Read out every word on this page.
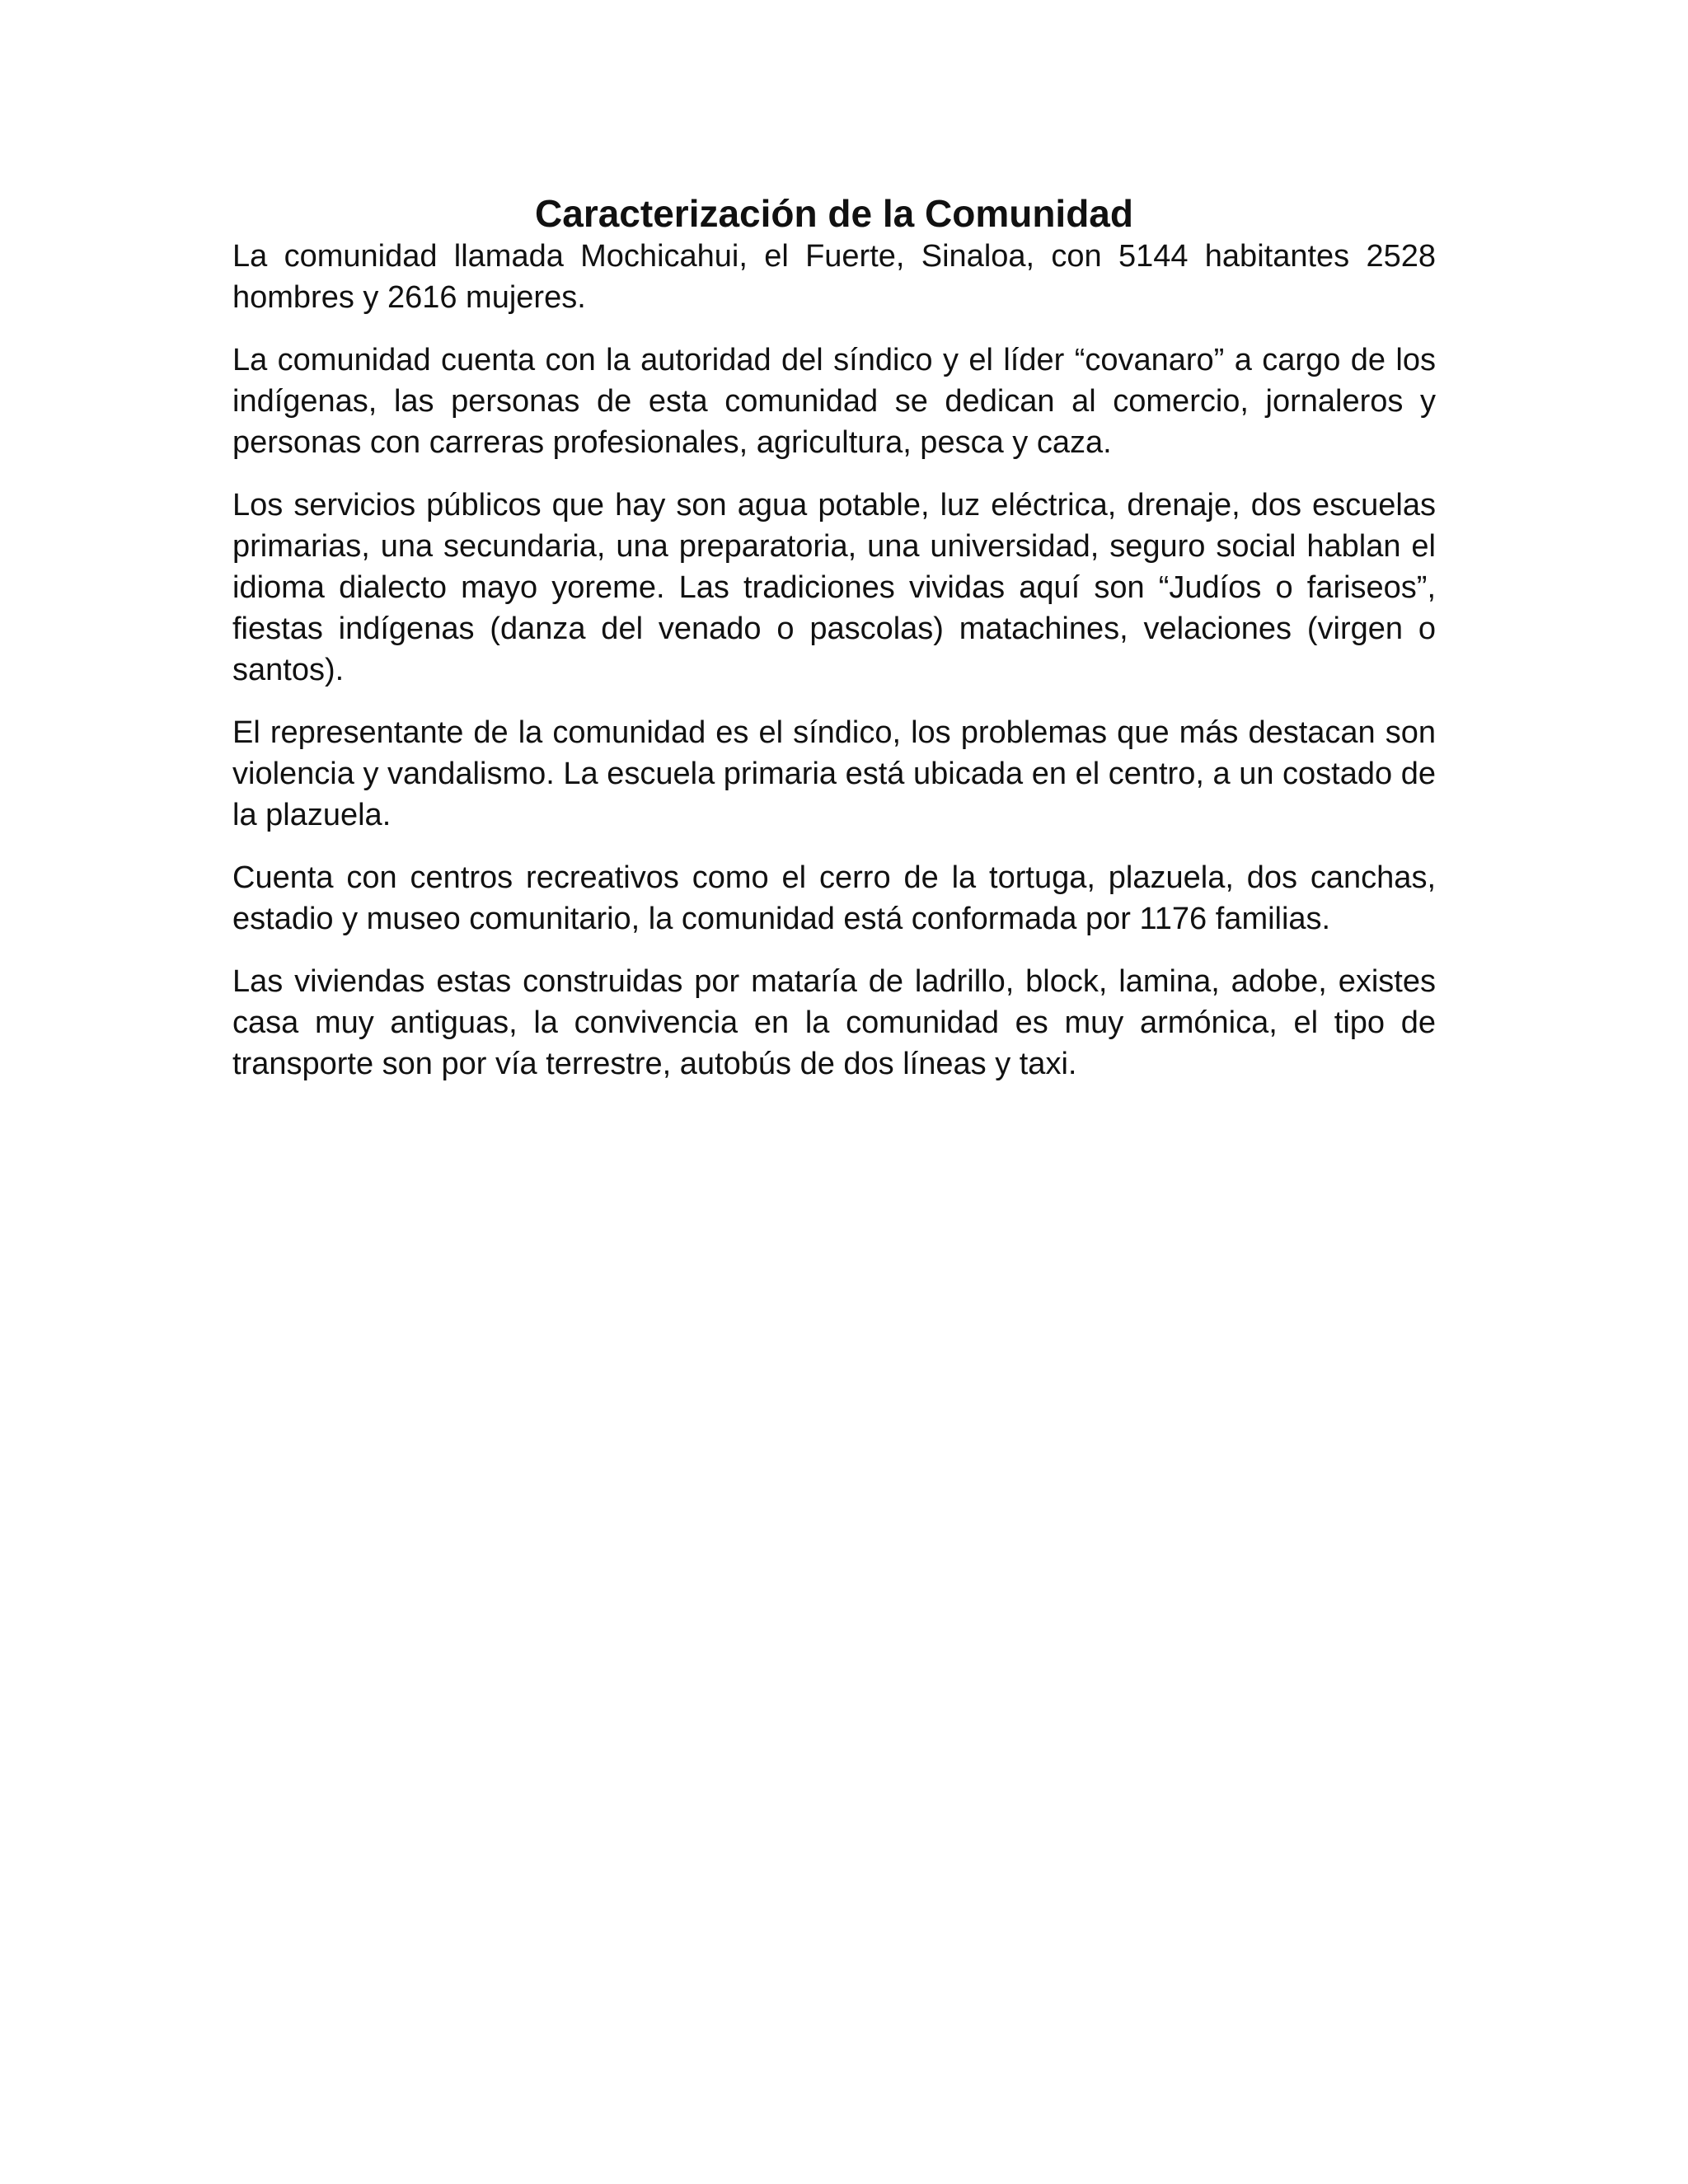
Caracterización de la Comunidad

La comunidad llamada Mochicahui, el Fuerte, Sinaloa, con 5144 habitantes 2528 hombres y 2616 mujeres.

La comunidad cuenta con la autoridad del síndico y el líder “covanaro” a cargo de los indígenas, las personas de esta comunidad se dedican al comercio, jornaleros y personas con carreras profesionales, agricultura, pesca y caza.

Los servicios públicos que hay son agua potable, luz eléctrica, drenaje, dos escuelas primarias, una secundaria, una preparatoria, una universidad, seguro social hablan el idioma dialecto mayo yoreme. Las tradiciones vividas aquí son “Judíos o fariseos”, fiestas indígenas (danza del venado o pascolas) matachines, velaciones (virgen o santos).

El representante de la comunidad es el síndico, los problemas que más destacan son violencia y vandalismo. La escuela primaria está ubicada en el centro, a un costado de la plazuela.

Cuenta con centros recreativos como el cerro de la tortuga, plazuela, dos canchas, estadio y museo comunitario, la comunidad está conformada por 1176 familias.

Las viviendas estas construidas por mataría de ladrillo, block, lamina, adobe, existes casa muy antiguas, la convivencia en la comunidad es muy armónica, el tipo de transporte son por vía terrestre, autobús de dos líneas y taxi.
